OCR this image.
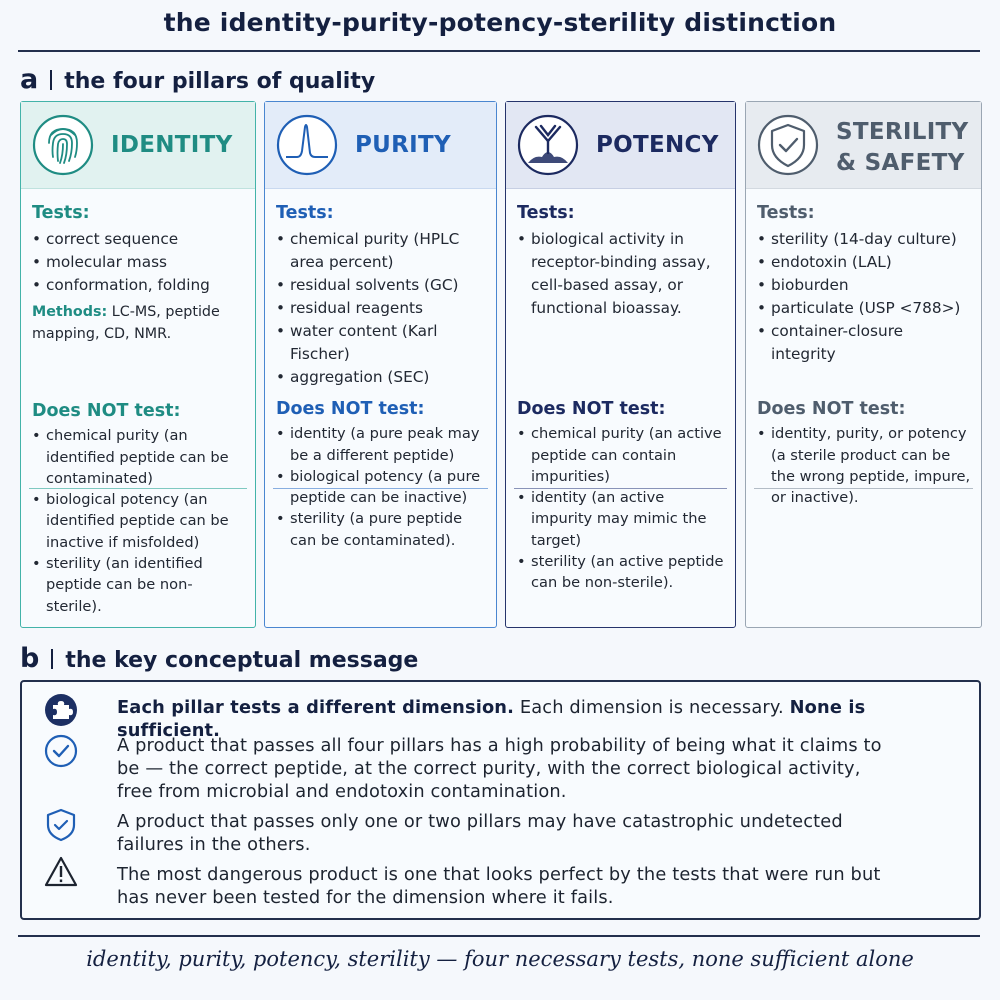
the identity-purity-potency-sterility distinction
a the four pillars of quality
IDENTITY
Tests:
• correct sequence
• molecular mass
• conformation, folding
Methods: LC-MS, peptide mapping, CD, NMR.
Does NOT test:
• chemical purity (an identified peptide can be contaminated)
• biological potency (an identified peptide can be inactive if misfolded)
• sterility (an identified peptide can be non-sterile).
PURITY
Tests:
• chemical purity (HPLC area percent)
• residual solvents (GC)
• residual reagents
• water content (Karl Fischer)
• aggregation (SEC)
Does NOT test:
• identity (a pure peak may be a different peptide)
• biological potency (a pure peptide can be inactive)
• sterility (a pure peptide can be contaminated).
POTENCY
Tests:
• biological activity in receptor-binding assay, cell-based assay, or functional bioassay.
Does NOT test:
• chemical purity (an active peptide can contain impurities)
• identity (an active impurity may mimic the target)
• sterility (an active peptide can be non-sterile).
STERILITY
& SAFETY
Tests:
• sterility (14-day culture)
• endotoxin (LAL)
• bioburden
• particulate (USP <788>)
• container-closure integrity
Does NOT test:
• identity, purity, or potency (a sterile product can be the wrong peptide, impure, or inactive).
b the key conceptual message
Each pillar tests a different dimension. Each dimension is necessary. None is sufficient.
A product that passes all four pillars has a high probability of being what it claims to be — the correct peptide, at the correct purity, with the correct biological activity, free from microbial and endotoxin contamination.
A product that passes only one or two pillars may have catastrophic undetected failures in the others.
The most dangerous product is one that looks perfect by the tests that were run but has never been tested for the dimension where it fails.
identity, purity, potency, sterility — four necessary tests, none sufficient alone
